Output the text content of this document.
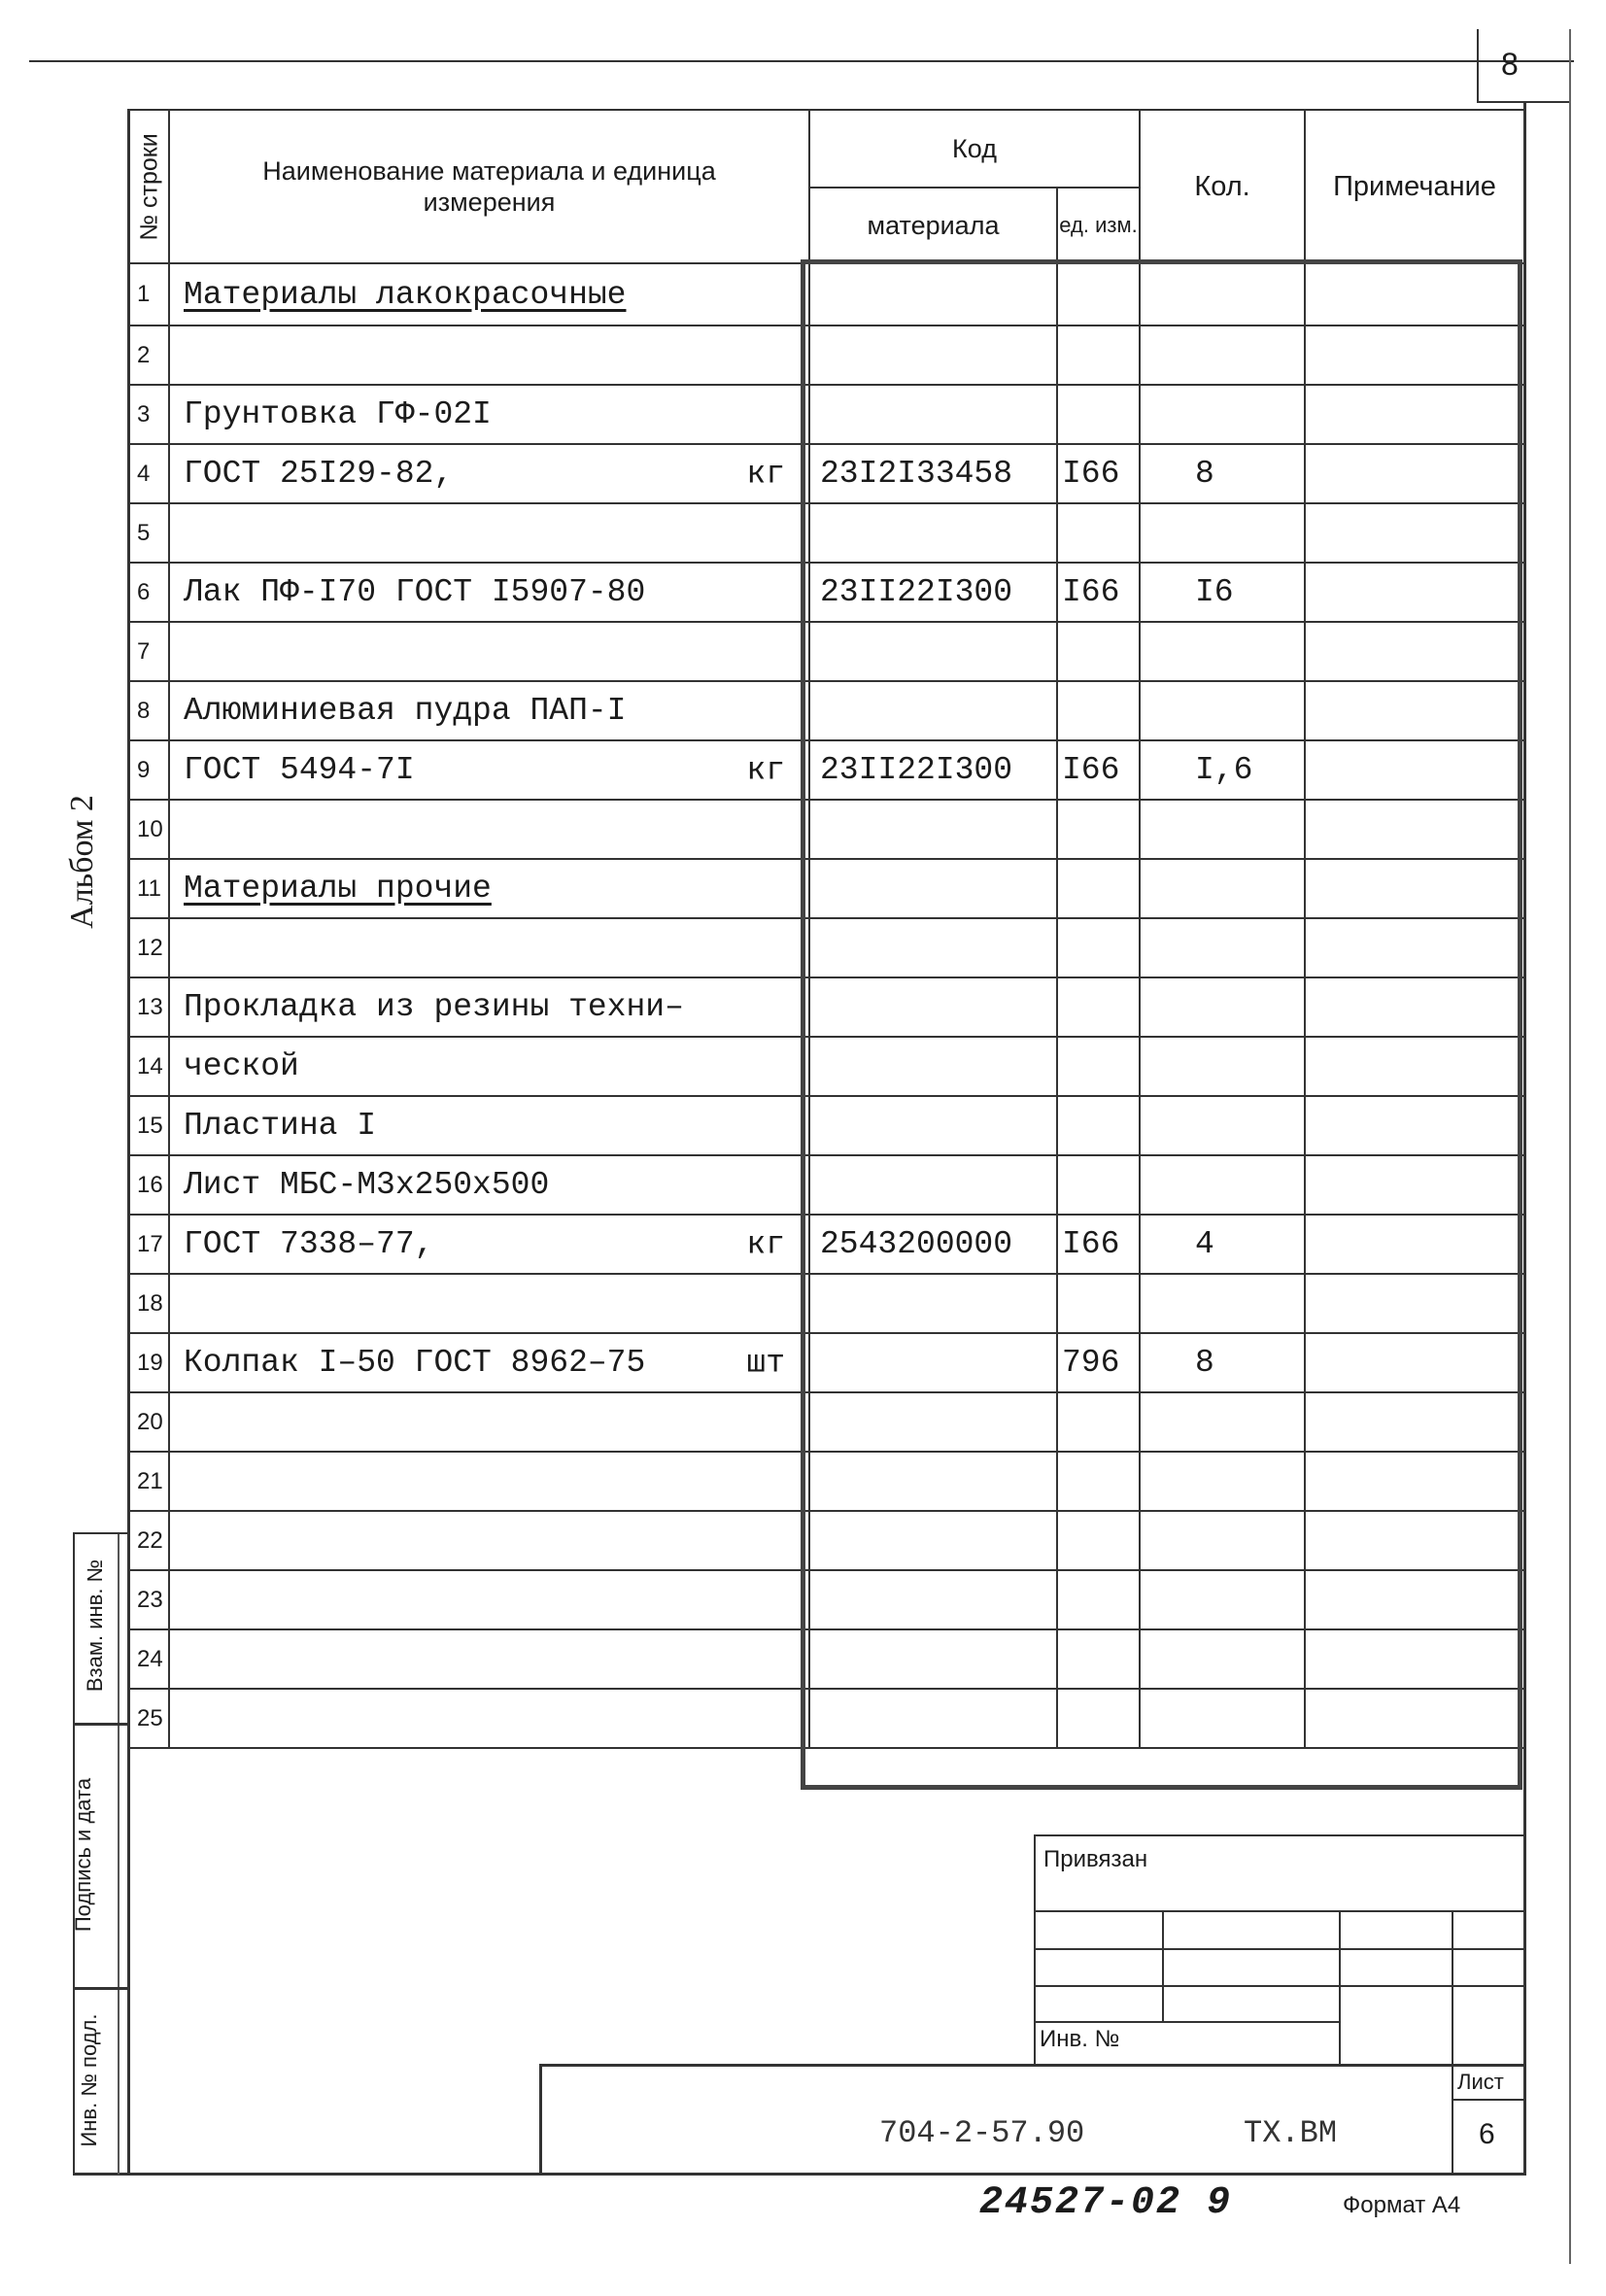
8
Альбом 2
Взам. инв. №
Подпись и дата
Инв. № подл.
№ строки	Наименование материала и единица измерения	Код		Кол.	Примечание
		материала	ед. изм.		
1	Материалы лакокрасочные

2	

3	Грунтовка ГФ-02I

4	ГОСТ 25I29-82, кг	23I2I33458	I66	8	
5	

6	Лак ПФ-I70 ГОСТ I5907-80	23II22I300	I66	I6	
7	

8	Алюминиевая пудра ПАП-I

9	ГОСТ 5494-7I кг	23II22I300	I66	I,6	
10	

11	Материалы прочие

12	

13	Прокладка из резины техни–

14	ческой

15	Пластина I

16	Лист МБС-М3x250x500

17	ГОСТ 7338–77, кг	2543200000	I66	4	
18	

19	Колпак I–50 ГОСТ 8962–75 шт		796	8	
20	

21	

22	

23	

24	

25	

Привязан
Инв. №
Лист
704-2-57.90	ТХ.ВМ	6
24527-02 9	Формат А4
